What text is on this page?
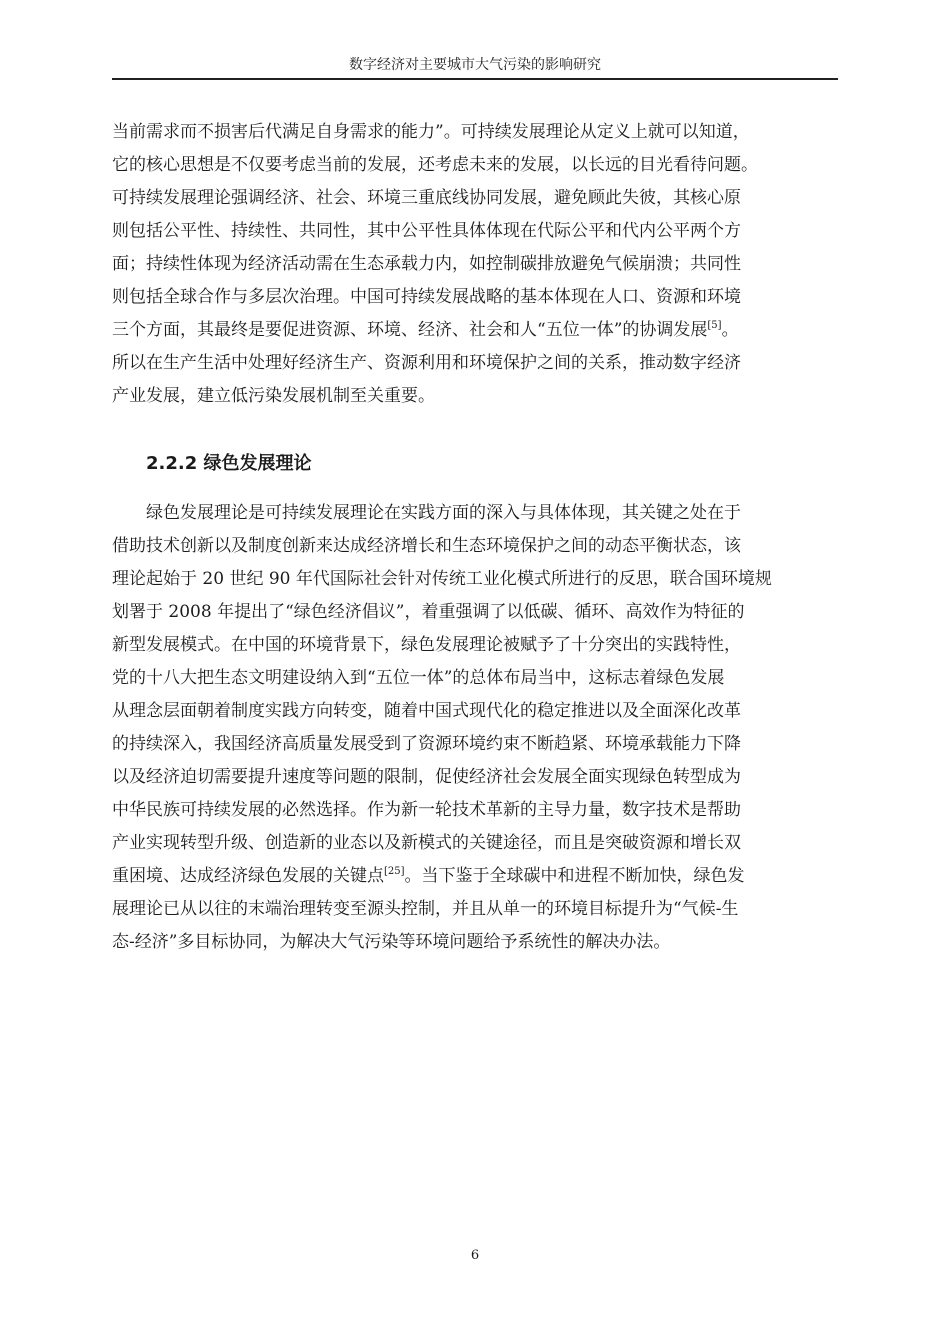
数字经济对主要城市大气污染的影响研究
当前需求而不损害后代满足自身需求的能力”。可持续发展理论从定义上就可以知道，
它的核心思想是不仅要考虑当前的发展，还考虑未来的发展，以长远的目光看待问题。
可持续发展理论强调经济、社会、环境三重底线协同发展，避免顾此失彼，其核心原
则包括公平性、持续性、共同性，其中公平性具体体现在代际公平和代内公平两个方
面；持续性体现为经济活动需在生态承载力内，如控制碳排放避免气候崩溃；共同性
则包括全球合作与多层次治理。中国可持续发展战略的基本体现在人口、资源和环境
三个方面，其最终是要促进资源、环境、经济、社会和人“五位一体”的协调发展[5]。
所以在生产生活中处理好经济生产、资源利用和环境保护之间的关系，推动数字经济
产业发展，建立低污染发展机制至关重要。
2.2.2 绿色发展理论
绿色发展理论是可持续发展理论在实践方面的深入与具体体现，其关键之处在于
借助技术创新以及制度创新来达成经济增长和生态环境保护之间的动态平衡状态，该
理论起始于 20 世纪 90 年代国际社会针对传统工业化模式所进行的反思，联合国环境规
划署于 2008 年提出了“绿色经济倡议”，着重强调了以低碳、循环、高效作为特征的
新型发展模式。在中国的环境背景下，绿色发展理论被赋予了十分突出的实践特性，
党的十八大把生态文明建设纳入到“五位一体”的总体布局当中，这标志着绿色发展
从理念层面朝着制度实践方向转变，随着中国式现代化的稳定推进以及全面深化改革
的持续深入，我国经济高质量发展受到了资源环境约束不断趋紧、环境承载能力下降
以及经济迫切需要提升速度等问题的限制，促使经济社会发展全面实现绿色转型成为
中华民族可持续发展的必然选择。作为新一轮技术革新的主导力量，数字技术是帮助
产业实现转型升级、创造新的业态以及新模式的关键途径，而且是突破资源和增长双
重困境、达成经济绿色发展的关键点[25]。当下鉴于全球碳中和进程不断加快，绿色发
展理论已从以往的末端治理转变至源头控制，并且从单一的环境目标提升为“气候-生
态-经济”多目标协同，为解决大气污染等环境问题给予系统性的解决办法。
6
